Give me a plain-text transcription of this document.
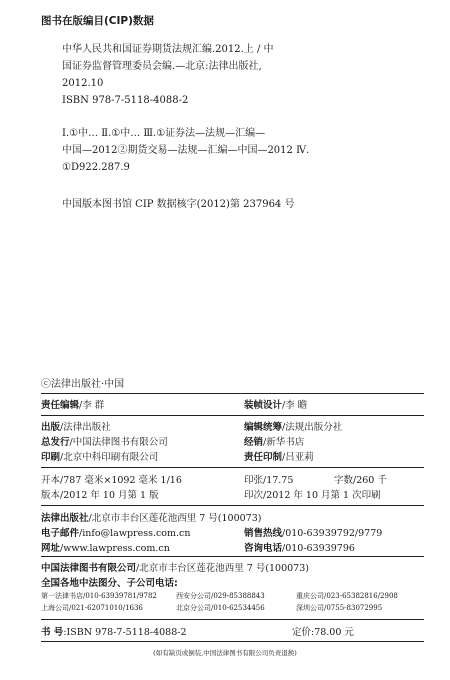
图书在版编目(CIP)数据
中华人民共和国证券期货法规汇编.2012.上 / 中
国证券监督管理委员会编.—北京:法律出版社,
2012.10
ISBN 978-7-5118-4088-2
Ⅰ.①中… Ⅱ.①中… Ⅲ.①证券法—法规—汇编—
中国—2012②期货交易—法规—汇编—中国—2012 Ⅳ.
①D922.287.9
中国版本图书馆 CIP 数据核字(2012)第 237964 号
ⓒ法律出版社·中国
责任编辑/李 群	装帧设计/李 瞻
出版/法律出版社	编辑统筹/法规出版分社
总发行/中国法律图书有限公司	经销/新华书店
印刷/北京中科印刷有限公司	责任印制/吕亚莉
开本/787 毫米×1092 毫米 1/16	印张/17.75	字数/260 千
版本/2012 年 10 月第 1 版	印次/2012 年 10 月第 1 次印刷
法律出版社/北京市丰台区莲花池西里 7 号(100073)
电子邮件/info@lawpress.com.cn	销售热线/010-63939792/9779
网址/www.lawpress.com.cn	咨询电话/010-63939796
中国法律图书有限公司/北京市丰台区莲花池西里 7 号(100073)
全国各地中法图分、子公司电话:
第一法律书店/010-63939781/9782	西安分公司/029-85388843	重庆公司/023-65382816/2908
上海公司/021-62071010/1636	北京分公司/010-62534456	深圳公司/0755-83072995
书 号:ISBN 978-7-5118-4088-2	定价:78.00 元
(如有缺页或倒装,中国法律图书有限公司负责退换)
